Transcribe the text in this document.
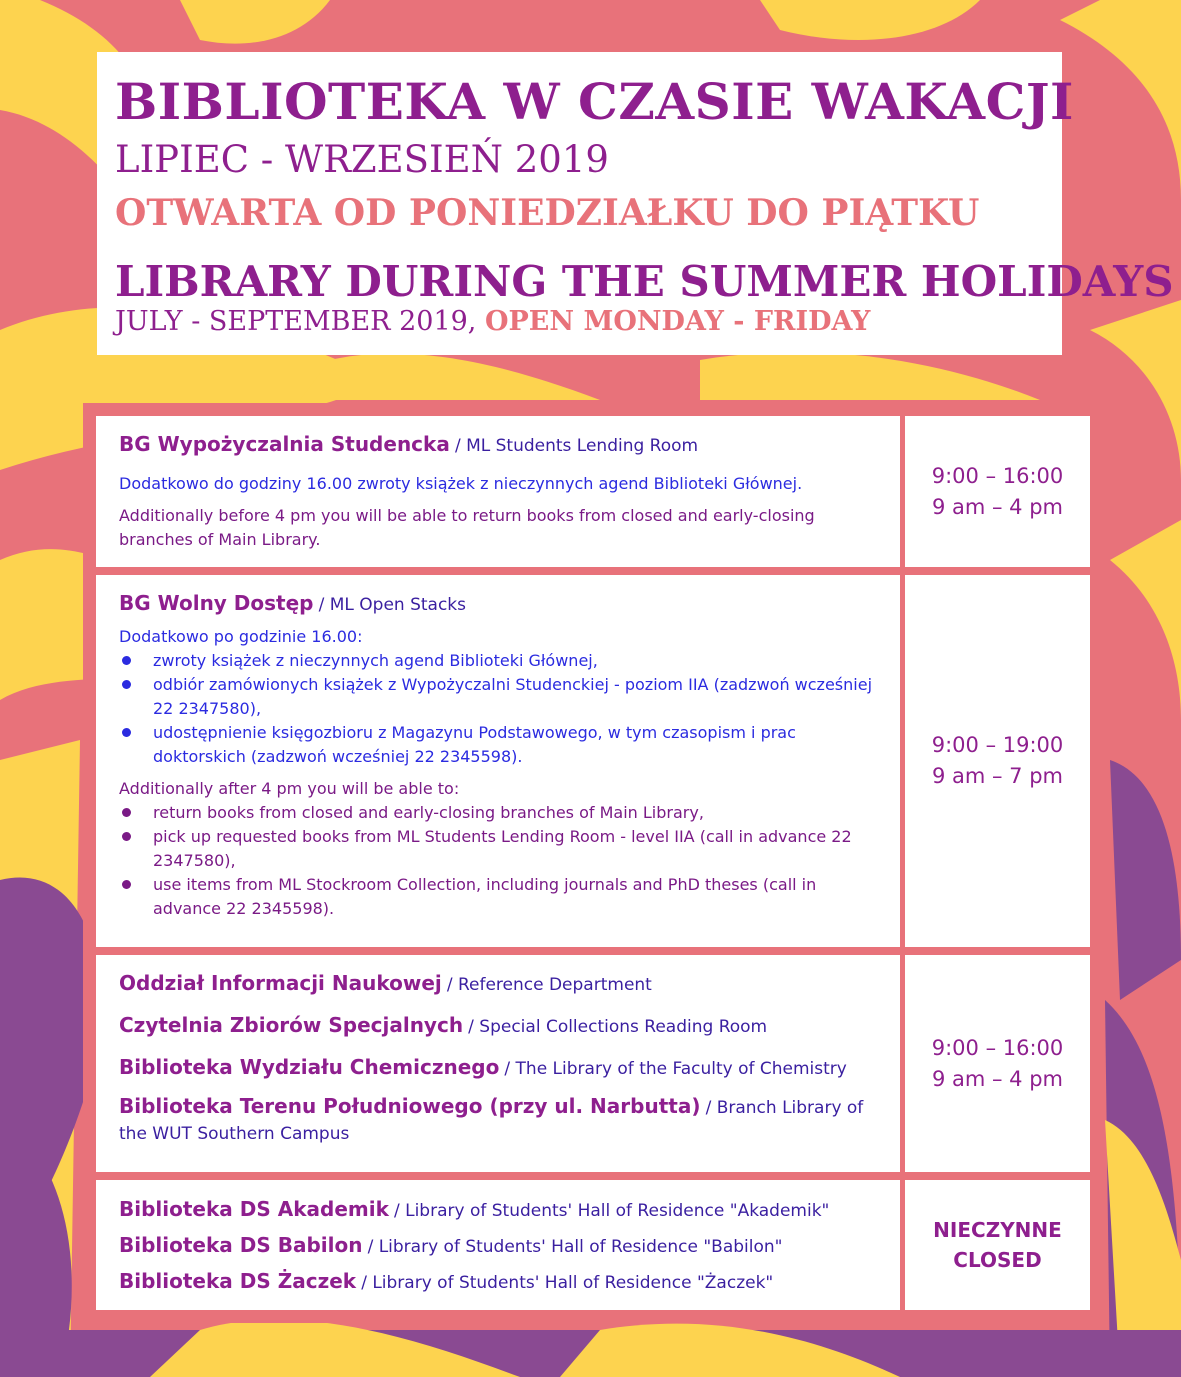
BIBLIOTEKA W CZASIE WAKACJI
LIPIEC - WRZESIEŃ 2019
OTWARTA OD PONIEDZIAŁKU DO PIĄTKU
LIBRARY DURING THE SUMMER HOLIDAYS
JULY - SEPTEMBER 2019, OPEN MONDAY - FRIDAY
BG Wypożyczalnia Studencka / ML Students Lending Room
Dodatkowo do godziny 16.00 zwroty książek z nieczynnych agend Biblioteki Głównej.
Additionally before 4 pm you will be able to return books from closed and early-closing branches of Main Library.
9:00 – 16:00
9 am – 4 pm
BG Wolny Dostęp / ML Open Stacks
Dodatkowo po godzinie 16.00:
zwroty książek z nieczynnych agend Biblioteki Głównej,
odbiór zamówionych książek z Wypożyczalni Studenckiej - poziom IIA (zadzwoń wcześniej 22 2347580),
udostępnienie księgozbioru z Magazynu Podstawowego, w tym czasopism i prac doktorskich (zadzwoń wcześniej 22 2345598).
Additionally after 4 pm you will be able to:
return books from closed and early-closing branches of Main Library,
pick up requested books from ML Students Lending Room - level IIA (call in advance 22 2347580),
use items from ML Stockroom Collection, including journals and PhD theses (call in advance 22 2345598).
9:00 – 19:00
9 am – 7 pm
Oddział Informacji Naukowej / Reference Department
Czytelnia Zbiorów Specjalnych / Special Collections Reading Room
Biblioteka Wydziału Chemicznego / The Library of the Faculty of Chemistry
Biblioteka Terenu Południowego (przy ul. Narbutta) / Branch Library of the WUT Southern Campus
9:00 – 16:00
9 am – 4 pm
Biblioteka DS Akademik / Library of Students' Hall of Residence "Akademik"
Biblioteka DS Babilon / Library of Students' Hall of Residence "Babilon"
Biblioteka DS Żaczek / Library of Students' Hall of Residence "Żaczek"
NIECZYNNE
CLOSED
